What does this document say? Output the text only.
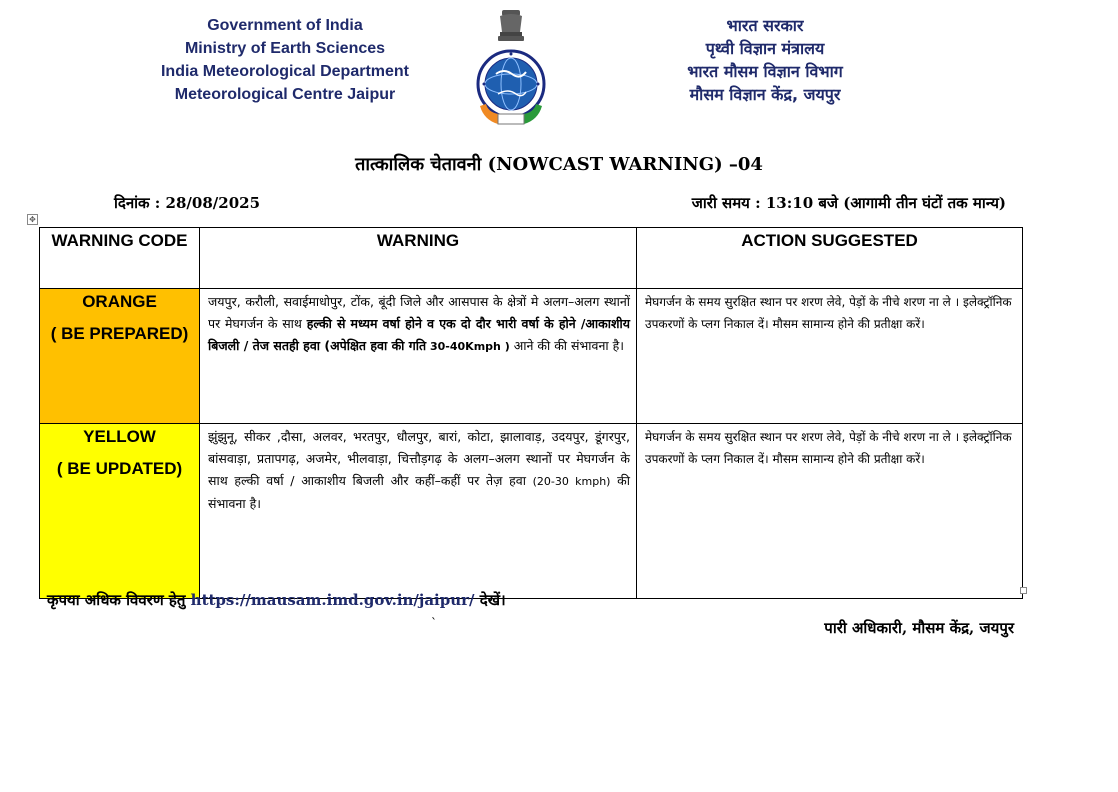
Government of India
Ministry of Earth Sciences
India Meteorological Department
Meteorological Centre Jaipur
भारत सरकार
पृथ्वी विज्ञान मंत्रालय
भारत मौसम विज्ञान विभाग
मौसम विज्ञान केंद्र, जयपुर
तात्कालिक चेतावनी (NOWCAST WARNING) –04
दिनांक : 28/08/2025	जारी समय : 13:10 बजे (आगामी तीन घंटों तक मान्य)
✥
WARNING CODE	WARNING	ACTION SUGGESTED

ORANGE
( BE PREPARED)	जयपुर, करौली, सवाईमाधोपुर, टोंक, बूंदी जिले और आसपास के क्षेत्रों मे अलग–अलग स्थानों पर मेघगर्जन के साथ हल्की से मध्यम वर्षा होने व एक दो दौर भारी वर्षा के होने /आकाशीय बिजली / तेज सतही हवा (अपेक्षित हवा की गति 30-40Kmph ) आने की की संभावना है।	मेघगर्जन के समय सुरक्षित स्थान पर शरण लेवे, पेड़ों के नीचे शरण ना ले । इलेक्ट्रॉनिक उपकरणों के प्लग निकाल दें। मौसम सामान्य होने की प्रतीक्षा करें।

YELLOW
( BE UPDATED)	झुंझुनू, सीकर ,दौसा, अलवर, भरतपुर, धौलपुर, बारां, कोटा, झालावाड़, उदयपुर, डूंगरपुर, बांसवाड़ा, प्रतापगढ़, अजमेर, भीलवाड़ा, चित्तौड़गढ़ के अलग–अलग स्थानों पर मेघगर्जन के साथ हल्की वर्षा / आकाशीय बिजली और कहीं–कहीं पर तेज़ हवा (20-30 kmph) की संभावना है।	मेघगर्जन के समय सुरक्षित स्थान पर शरण लेवे, पेड़ों के नीचे शरण ना ले । इलेक्ट्रॉनिक उपकरणों के प्लग निकाल दें। मौसम सामान्य होने की प्रतीक्षा करें।
कृपया अधिक विवरण हेतु https://mausam.imd.gov.in/jaipur/ देखें।
`	पारी अधिकारी, मौसम केंद्र, जयपुर
